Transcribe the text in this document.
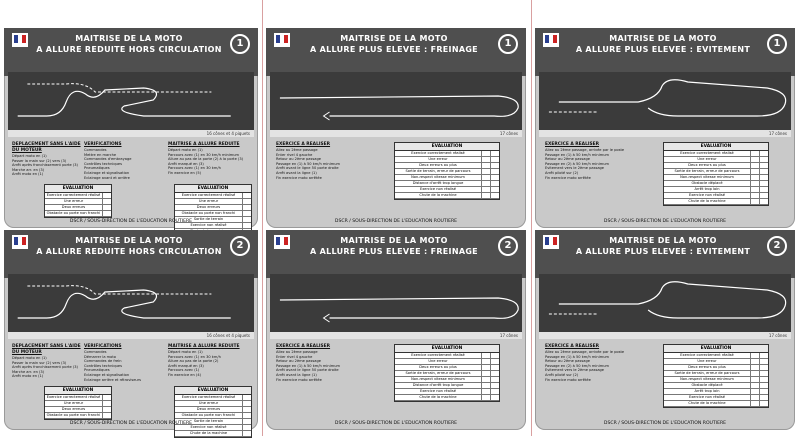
MAITRISE DE LA MOTO
A ALLURE REDUITE HORS CIRCULATION
1
16 cônes et 4 piquets
DEPLACEMENT SANS L'AIDE DU MOTEUR
Départ moto en (1)
Passer la main sur (2) vers (3)
Arrêt après franchissement porte (3)
Marche arr. en (3)
Arrêt moto en (1)
VERIFICATIONS
Commandes
Mettre en marche
Commandes d'embrayage
Contrôles techniques
Pneumatiques
Eclairage et signalisation
Eclairage avant et arrière
MAITRISE A ALLURE REDUITE
Départ moto en (1)
Parcours avec (1) en 30 km/h minimum
Allure au pas de la porte (2) à la porte (3)
Arrêt marqué en (3)
Parcours avec (1) en 30 km/h
Fin exercice en (5)
EVALUATION
Exercice correctement réalisé
Une erreur
Deux erreurs
Obstacle ou porte non franchi
EVALUATION
Exercice correctement réalisé
Une erreur
Deux erreurs
Obstacle ou porte non franchi
Sortie de terrain
Exercice non réalisé
DSCR / SOUS-DIRECTION DE L'EDUCATION ROUTIERE
MAITRISE DE LA MOTO
A ALLURE PLUS ELEVEE : FREINAGE
1
17 cônes
EXERCICE A REALISER
Allez au 2ème passage
Enter rivel 4 gauche
Retour au 2ème passage
Passage en (1) à 50 km/h minimum
Arrêt avant le ligne 50 porte droite
Arrêt avant la ligne (1)
Fin exercice moto arrêtée
EVALUATION
Exercice correctement réalisé
Une erreur
Deux erreurs ou plus
Sortie de terrain, erreur de parcours
Non-respect vitesse minimum
Distance d'arrêt trop longue
Exercice non réalisé
Chute de la machine
DSCR / SOUS-DIRECTION DE L'EDUCATION ROUTIERE
MAITRISE DE LA MOTO
A ALLURE PLUS ELEVEE : EVITEMENT
1
17 cônes
EXERCICE A REALISER
Allez au 2ème passage, arrivée par le poste
Passage en (1) à 50 km/h minimum
Retour au 2ème passage
Passage en (2) à 50 km/h minimum
Evitement vers le 2ème passage
Arrêt piloté sur (2)
Fin exercice moto arrêtée
EVALUATION
Exercice correctement réalisé
Une erreur
Deux erreurs ou plus
Sortie de terrain, erreur de parcours
Non-respect vitesse minimum
Obstacle déplacé
Arrêt trop loin
Exercice non réalisé
Chute de la machine
DSCR / SOUS-DIRECTION DE L'EDUCATION ROUTIERE
MAITRISE DE LA MOTO
A ALLURE REDUITE HORS CIRCULATION
2
16 cônes et 4 piquets
DEPLACEMENT SANS L'AIDE DU MOTEUR
Départ moto en (1)
Passer la main sur (2) vers (3)
Arrêt après franchissement porte (3)
Marche arr. en (3)
Arrêt moto en (1)
VERIFICATIONS
Commandes
Démarrer la moto
Commandes de frein
Contrôles techniques
Pneumatiques
Eclairage et signalisation
Eclairage arrière et rétroviseurs
MAITRISE A ALLURE REDUITE
Départ moto en (1)
Parcours avec (1) en 30 km/h
Allure au pas de la porte (2)
Arrêt marqué en (3)
Parcours avec (1)
Fin exercice en (4)
EVALUATION
Exercice correctement réalisé
Une erreur
Deux erreurs
Obstacle ou porte non franchi
EVALUATION
Exercice correctement réalisé
Une erreur
Deux erreurs
Obstacle ou porte non franchi
Sortie de terrain
Exercice non réalisé
Chute de la machine
DSCR / SOUS-DIRECTION DE L'EDUCATION ROUTIERE
MAITRISE DE LA MOTO
A ALLURE PLUS ELEVEE : FREINAGE
2
17 cônes
EXERCICE A REALISER
Allez au 2ème passage
Enter rivel 4 gauche
Retour au 2ème passage
Passage en (1) à 50 km/h minimum
Arrêt avant le ligne 50 porte droite
Arrêt avant la ligne (1)
Fin exercice moto arrêtée
EVALUATION
Exercice correctement réalisé
Une erreur
Deux erreurs ou plus
Sortie de terrain, erreur de parcours
Non-respect vitesse minimum
Distance d'arrêt trop longue
Exercice non réalisé
Chute de la machine
DSCR / SOUS-DIRECTION DE L'EDUCATION ROUTIERE
MAITRISE DE LA MOTO
A ALLURE PLUS ELEVEE : EVITEMENT
2
17 cônes
EXERCICE A REALISER
Allez au 2ème passage, arrivée par le poste
Passage en (1) à 50 km/h minimum
Retour au 2ème passage
Passage en (2) à 50 km/h minimum
Evitement vers le 2ème passage
Arrêt piloté sur (2)
Fin exercice moto arrêtée
EVALUATION
Exercice correctement réalisé
Une erreur
Deux erreurs ou plus
Sortie de terrain, erreur de parcours
Non-respect vitesse minimum
Obstacle déplacé
Arrêt trop loin
Exercice non réalisé
Chute de la machine
DSCR / SOUS-DIRECTION DE L'EDUCATION ROUTIERE
